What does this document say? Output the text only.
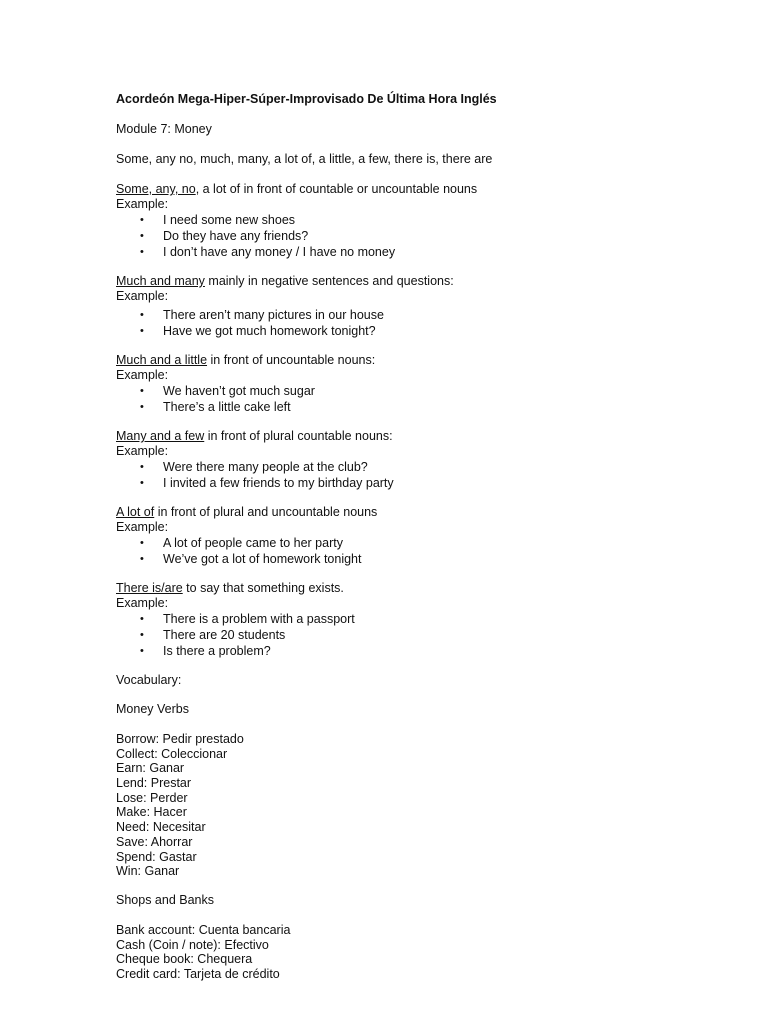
Acordeón Mega-Hiper-Súper-Improvisado De Última Hora Inglés

Module 7: Money

Some, any no, much, many, a lot of, a little, a few, there is, there are

Some, any, no, a lot of in front of countable or uncountable nouns

Example:

• I need some new shoes
• Do they have any friends?
• I don’t have any money / I have no money

Much and many mainly in negative sentences and questions:

Example:

• There aren’t many pictures in our house
• Have we got much homework tonight?

Much and a little in front of uncountable nouns:

Example:

• We haven’t got much sugar
• There’s a little cake left

Many and a few in front of plural countable nouns:

Example:

• Were there many people at the club?
• I invited a few friends to my birthday party

A lot of in front of plural and uncountable nouns

Example:

• A lot of people came to her party
• We’ve got a lot of homework tonight

There is/are to say that something exists.

Example:

• There is a problem with a passport
• There are 20 students
• Is there a problem?

Vocabulary:

Money Verbs

Borrow: Pedir prestado

Collect: Coleccionar

Earn: Ganar

Lend: Prestar

Lose: Perder

Make: Hacer

Need: Necesitar

Save: Ahorrar

Spend: Gastar

Win: Ganar

Shops and Banks

Bank account: Cuenta bancaria

Cash (Coin / note): Efectivo

Cheque book: Chequera

Credit card: Tarjeta de crédito
